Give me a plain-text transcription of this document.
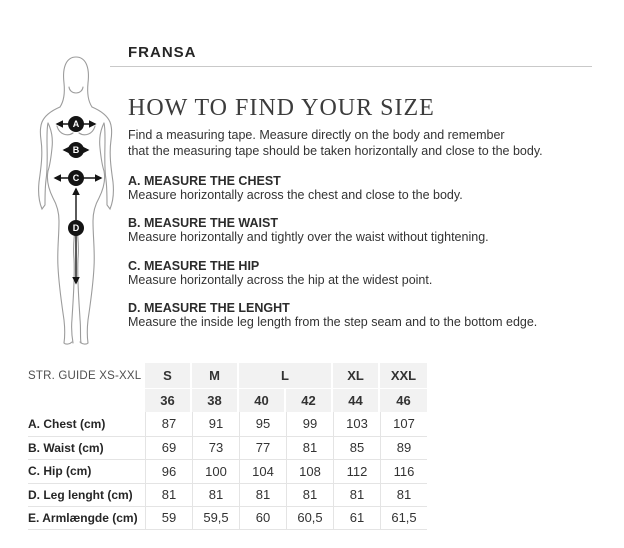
FRANSA
A
B
C
D
HOW TO FIND YOUR SIZE

Find a measuring tape. Measure directly on the body and remember
that the measuring tape should be taken horizontally and close to the body.

A. MEASURE THE CHEST

Measure horizontally across the chest and close to the body.

B. MEASURE THE WAIST

Measure horizontally and tightly over the waist without tightening.

C. MEASURE THE HIP

Measure horizontally across the hip at the widest point.

D. MEASURE THE LENGHT

Measure the inside leg length from the step seam and to the bottom edge.

STR. GUIDE XS-XXL	S	M	L	XL	XXL
36	38	40	42	44	46
A. Chest (cm)	87	91	95	99	103	107
B. Waist (cm)	69	73	77	81	85	89
C. Hip (cm)	96	100	104	108	112	116
D. Leg lenght (cm)	81	81	81	81	81	81
E. Armlængde (cm)	59	59,5	60	60,5	61	61,5
